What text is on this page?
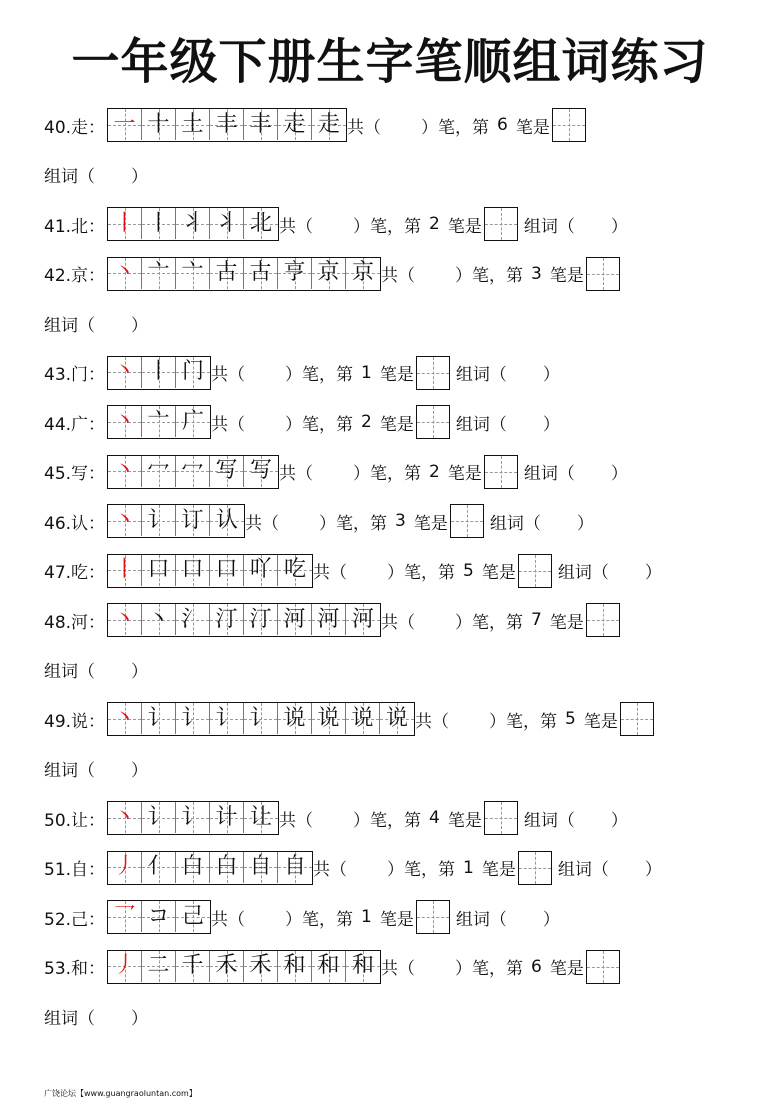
一年级下册生字笔顺组词练习
40.走： 一 十 土 丰 丰 走 走 共（ ）笔，第 6 笔是
组词（ ）
41.北： 丨 丨 丬 丬 北 共（ ）笔，第 2 笔是 组词（ ）
42.京： 丶 亠 亠 古 古 亨 京 京 共（ ）笔，第 3 笔是
组词（ ）
43.门： 丶 丨 门 共（ ）笔，第 1 笔是 组词（ ）
44.广： 丶 亠 广 共（ ）笔，第 2 笔是 组词（ ）
45.写： 丶 冖 冖 写 写 共（ ）笔，第 2 笔是 组词（ ）
46.认： 丶 讠 订 认 共（ ）笔，第 3 笔是 组词（ ）
47.吃： 丨 口 口 口 吖 吃 共（ ）笔，第 5 笔是 组词（ ）
48.河： 丶 丶 氵 汀 汀 河 河 河 共（ ）笔，第 7 笔是
组词（ ）
49.说： 丶 讠 讠 讠 讠 说 说 说 说 共（ ）笔，第 5 笔是
组词（ ）
50.让： 丶 讠 讠 计 让 共（ ）笔，第 4 笔是 组词（ ）
51.自： 丿 亻 白 白 自 自 共（ ）笔，第 1 笔是 组词（ ）
52.己： 乛 コ 己 共（ ）笔，第 1 笔是 组词（ ）
53.和： 丿 二 千 禾 禾 和 和 和 共（ ）笔，第 6 笔是
组词（ ）
广饶论坛【www.guangraoluntan.com】
